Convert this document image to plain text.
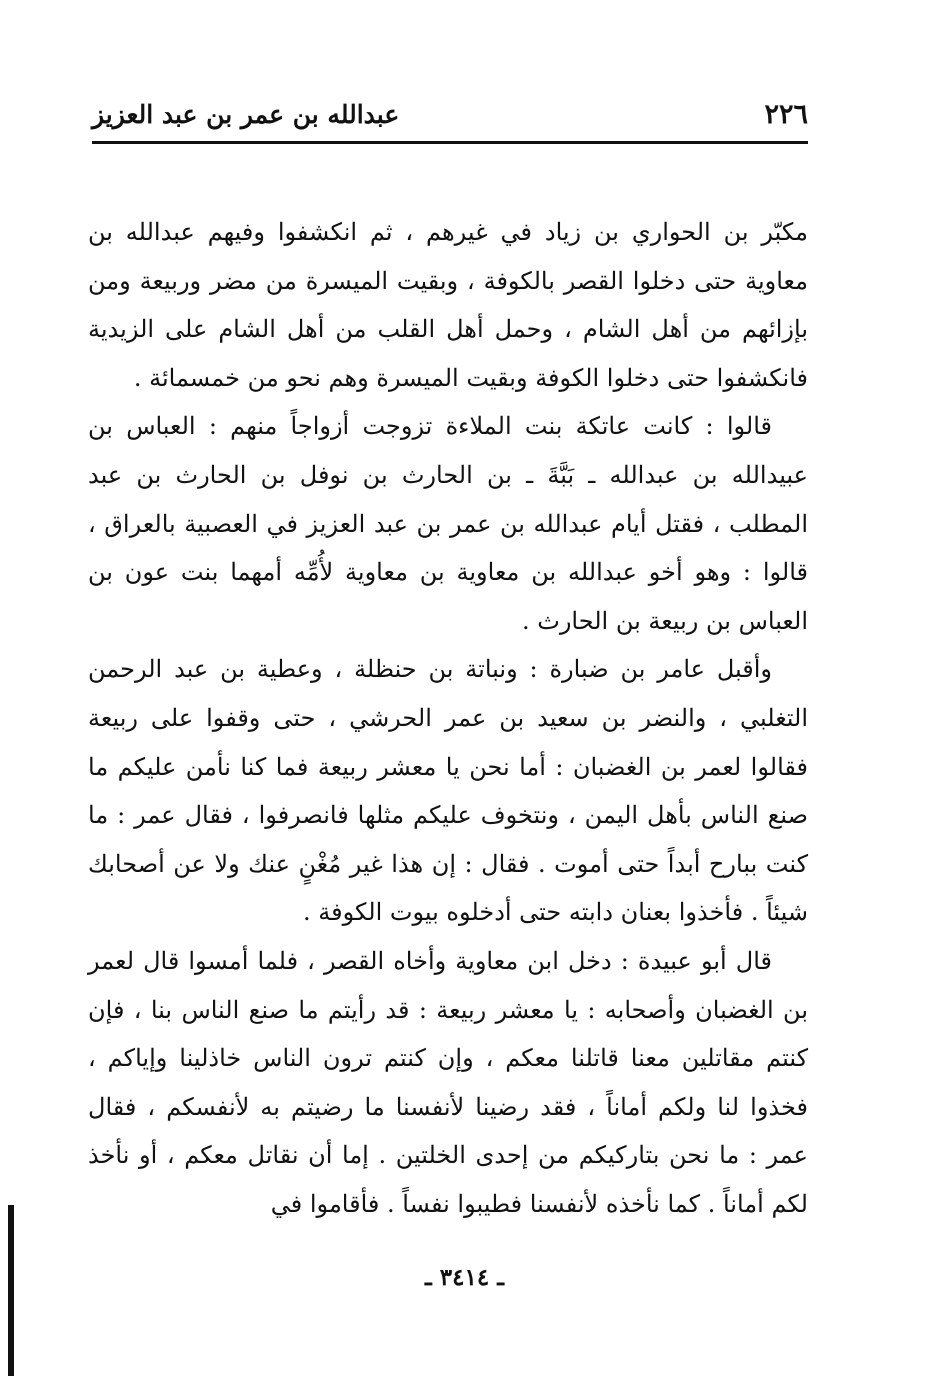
٢٢٦
عبدالله بن عمر بن عبد العزيز

مكبّر بن الحواري بن زياد في غيرهم ، ثم انكشفوا وفيهم عبدالله بن معاوية حتى دخلوا القصر بالكوفة ، وبقيت الميسرة من مضر وربيعة ومن بإزائهم من أهل الشام ، وحمل أهل القلب من أهل الشام على الزيدية فانكشفوا حتى دخلوا الكوفة وبقيت الميسرة وهم نحو من خمسمائة .

قالوا : كانت عاتكة بنت الملاءة تزوجت أزواجاً منهم : العباس بن عبيدالله بن عبدالله ـ بَبَّةَ ـ بن الحارث بن نوفل بن الحارث بن عبد المطلب ، فقتل أيام عبدالله بن عمر بن عبد العزيز في العصبية بالعراق ، قالوا : وهو أخو عبدالله بن معاوية بن معاوية لأُمِّه أمهما بنت عون بن العباس بن ربيعة بن الحارث .

وأقبل عامر بن ضبارة : ونباتة بن حنظلة ، وعطية بن عبد الرحمن التغلبي ، والنضر بن سعيد بن عمر الحرشي ، حتى وقفوا على ربيعة فقالوا لعمر بن الغضبان : أما نحن يا معشر ربيعة فما كنا نأمن عليكم ما صنع الناس بأهل اليمن ، ونتخوف عليكم مثلها فانصرفوا ، فقال عمر : ما كنت ببارح أبداً حتى أموت . فقال : إن هذا غير مُغْنٍ عنك ولا عن أصحابك شيئاً . فأخذوا بعنان دابته حتى أدخلوه بيوت الكوفة .

قال أبو عبيدة : دخل ابن معاوية وأخاه القصر ، فلما أمسوا قال لعمر بن الغضبان وأصحابه : يا معشر ربيعة : قد رأيتم ما صنع الناس بنا ، فإن كنتم مقاتلين معنا قاتلنا معكم ، وإن كنتم ترون الناس خاذلينا وإياكم ، فخذوا لنا ولكم أماناً ، فقد رضينا لأنفسنا ما رضيتم به لأنفسكم ، فقال عمر : ما نحن بتاركيكم من إحدى الخلتين . إما أن نقاتل معكم ، أو نأخذ لكم أماناً . كما نأخذه لأنفسنا فطيبوا نفساً . فأقاموا في

ـ ٣٤١٤ ـ
